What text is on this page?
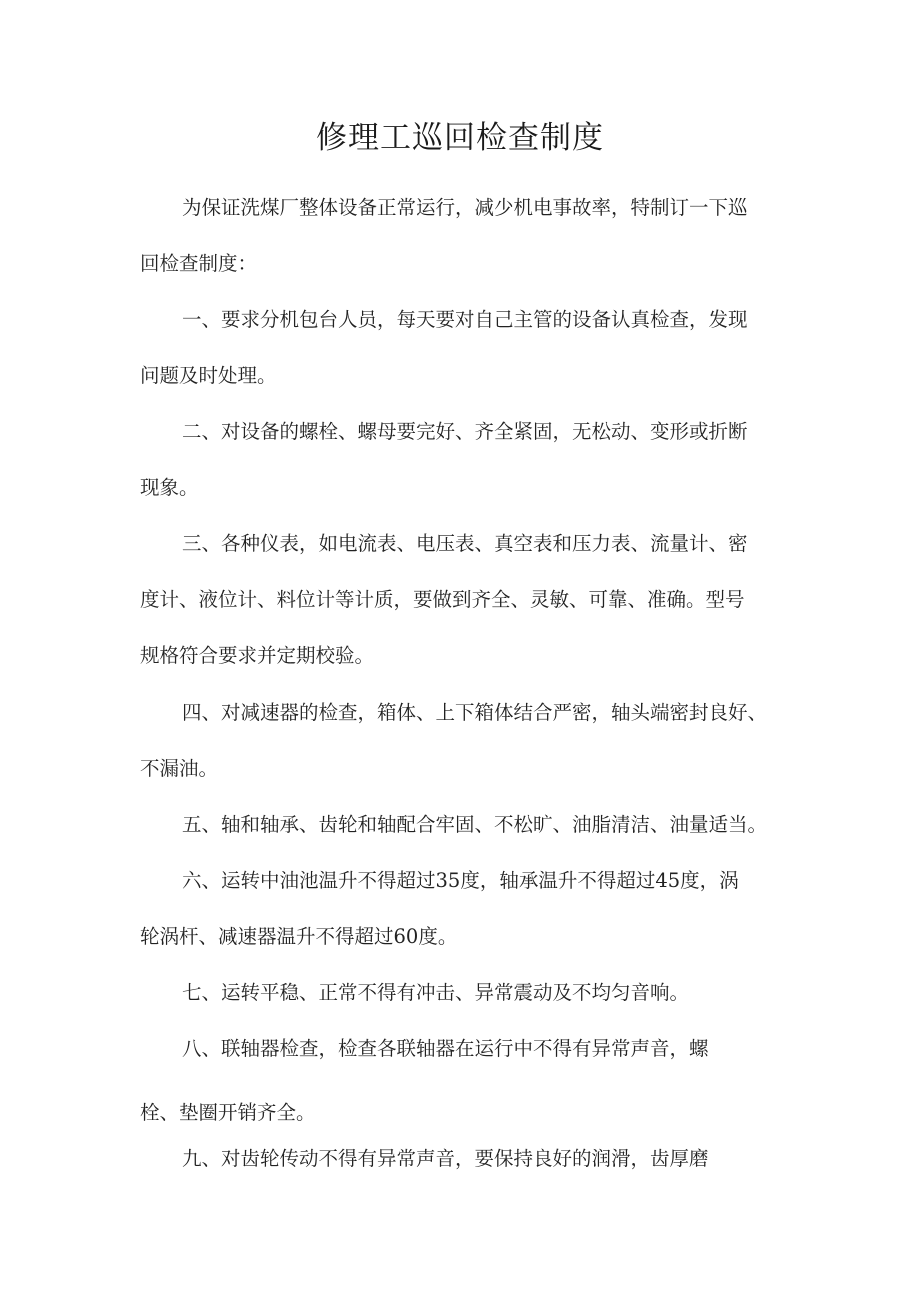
修理工巡回检查制度
为保证洗煤厂整体设备正常运行，减少机电事故率，特制订一下巡
回检查制度：
一、要求分机包台人员，每天要对自己主管的设备认真检查，发现
问题及时处理。
二、对设备的螺栓、螺母要完好、齐全紧固，无松动、变形或折断
现象。
三、各种仪表，如电流表、电压表、真空表和压力表、流量计、密
度计、液位计、料位计等计质，要做到齐全、灵敏、可靠、准确。型号
规格符合要求并定期校验。
四、对减速器的检查，箱体、上下箱体结合严密，轴头端密封良好、
不漏油。
五、轴和轴承、齿轮和轴配合牢固、不松旷、油脂清洁、油量适当。
六、运转中油池温升不得超过35度，轴承温升不得超过45度，涡
轮涡杆、减速器温升不得超过60度。
七、运转平稳、正常不得有冲击、异常震动及不均匀音响。
八、联轴器检查，检查各联轴器在运行中不得有异常声音，螺
栓、垫圈开销齐全。
九、对齿轮传动不得有异常声音，要保持良好的润滑，齿厚磨
